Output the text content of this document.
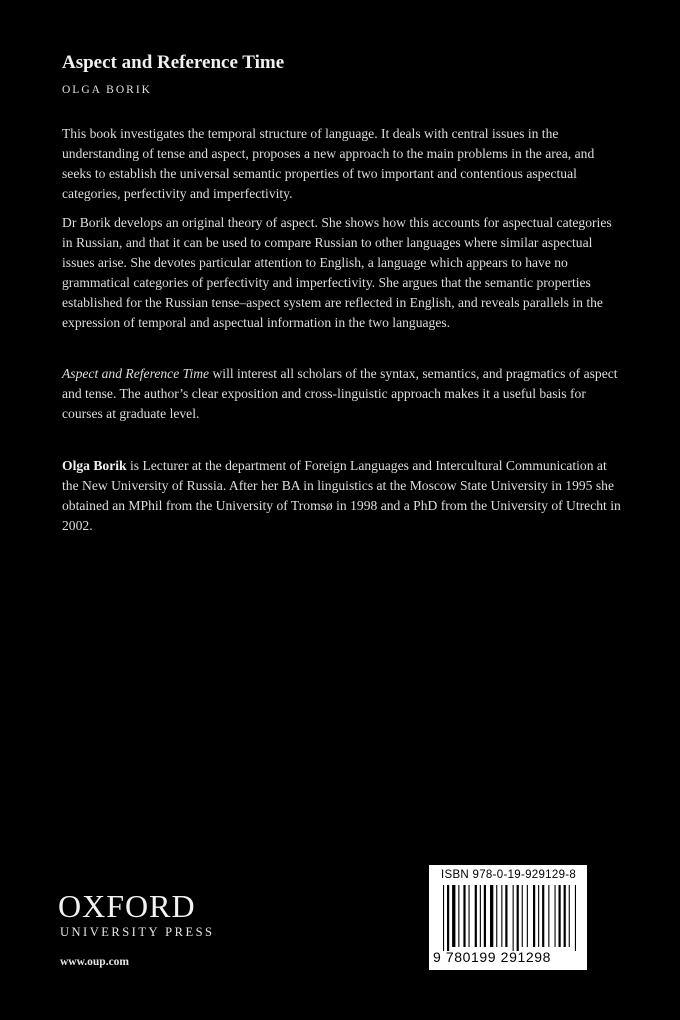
Aspect and Reference Time
OLGA BORIK

This book investigates the temporal structure of language. It deals with central issues in the understanding of tense and aspect, proposes a new approach to the main problems in the area, and seeks to establish the universal semantic properties of two important and contentious aspectual categories, perfectivity and imperfectivity.

Dr Borik develops an original theory of aspect. She shows how this accounts for aspectual categories in Russian, and that it can be used to compare Russian to other languages where similar aspectual issues arise. She devotes particular attention to English, a language which appears to have no grammatical categories of perfectivity and imperfectivity. She argues that the semantic properties established for the Russian tense–aspect system are reflected in English, and reveals parallels in the expression of temporal and aspectual information in the two languages.

Aspect and Reference Time will interest all scholars of the syntax, semantics, and pragmatics of aspect and tense. The author’s clear exposition and cross-linguistic approach makes it a useful basis for courses at graduate level.

Olga Borik is Lecturer at the department of Foreign Languages and Intercultural Communication at the New University of Russia. After her BA in linguistics at the Moscow State University in 1995 she obtained an MPhil from the University of Tromsø in 1998 and a PhD from the University of Utrecht in 2002.

OXFORD
UNIVERSITY PRESS
www.oup.com
ISBN 978-0-19-929129-8
9 780199 291298
